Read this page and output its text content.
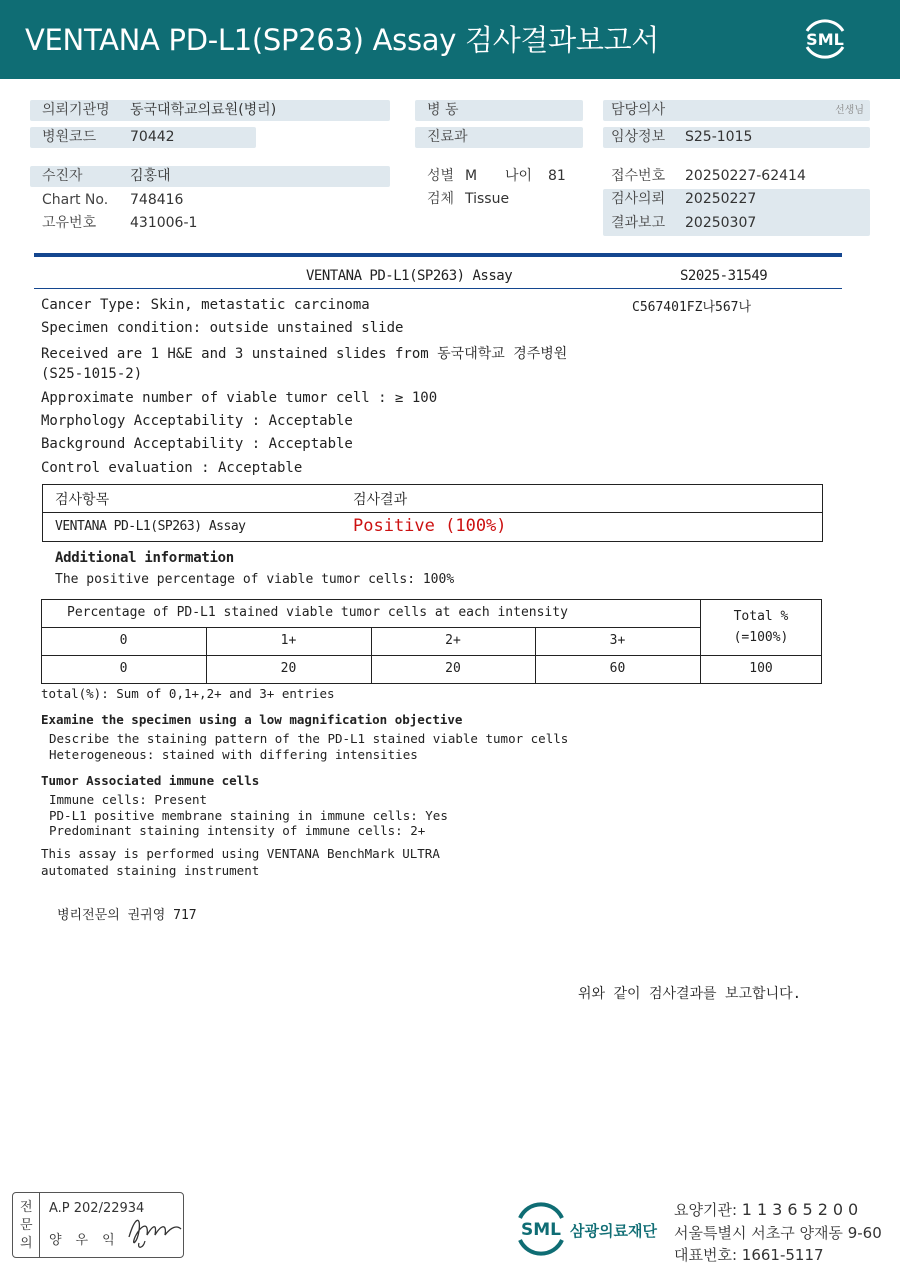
VENTANA PD-L1(SP263) Assay 검사결과보고서	SML
의뢰기관명 동국대학교의료원(병리)
병원코드 70442
병 동
진료과
담당의사	선생님
임상정보 S25-1015
수진자	김홍대
Chart No. 748416
고유번호 431006-1
성별 M 나이 81
검체 Tissue
접수번호 20250227-62414
검사의뢰 20250227
결과보고 20250307
VENTANA PD-L1(SP263) Assay	S2025-31549
C567401FZ나567나
Cancer Type: Skin, metastatic carcinoma
Specimen condition: outside unstained slide
Received are 1 H&E and 3 unstained slides from 동국대학교 경주병원
(S25-1015-2)
Approximate number of viable tumor cell : ≥ 100
Morphology Acceptability : Acceptable
Background Acceptability : Acceptable
Control evaluation : Acceptable
검사항목	검사결과
VENTANA PD-L1(SP263) Assay	Positive (100%)
Additional information
The positive percentage of viable tumor cells: 100%
Percentage of PD-L1 stained viable tumor cells at each intensity	Total %
(=100%)
0	1+	2+	3+
0	20	20	60	100
total(%): Sum of 0,1+,2+ and 3+ entries
Examine the specimen using a low magnification objective
Describe the staining pattern of the PD-L1 stained viable tumor cells
Heterogeneous: stained with differing intensities
Tumor Associated immune cells
Immune cells: Present
PD-L1 positive membrane staining in immune cells: Yes
Predominant staining intensity of immune cells: 2+
This assay is performed using VENTANA BenchMark ULTRA
automated staining instrument
병리전문의 권귀영 717
위와 같이 검사결과를 보고합니다.
전문의
A.P 202/22934
양우익
SML 삼광의료재단
요양기관: 11365200
서울특별시 서초구 양재동 9-60
대표번호: 1661-5117
